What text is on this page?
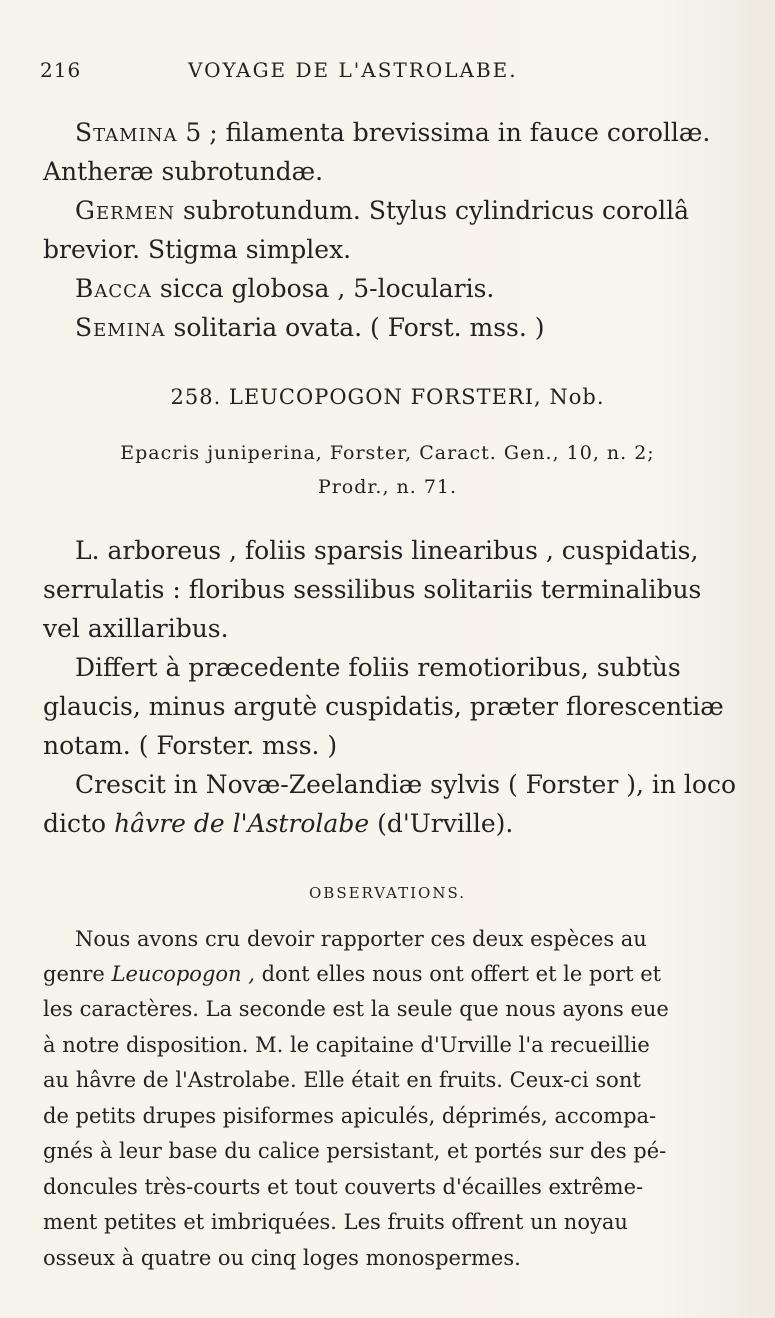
216	VOYAGE DE L'ASTROLABE.
Stamina 5 ; filamenta brevissima in fauce corollæ.
Antheræ subrotundæ.
Germen subrotundum. Stylus cylindricus corollâ
brevior. Stigma simplex.
Bacca sicca globosa , 5-locularis.
Semina solitaria ovata. ( Forst. mss. )
258. LEUCOPOGON FORSTERI, Nob.
Epacris juniperina, Forster, Caract. Gen., 10, n. 2;
Prodr., n. 71.
L. arboreus , foliis sparsis linearibus , cuspidatis,
serrulatis : floribus sessilibus solitariis terminalibus
vel axillaribus.
Differt à præcedente foliis remotioribus, subtùs
glaucis, minus argutè cuspidatis, præter florescentiæ
notam. ( Forster. mss. )
Crescit in Novæ-Zeelandiæ sylvis ( Forster ), in loco
dicto hâvre de l'Astrolabe (d'Urville).
OBSERVATIONS.
Nous avons cru devoir rapporter ces deux espèces au
genre Leucopogon , dont elles nous ont offert et le port et
les caractères. La seconde est la seule que nous ayons eue
à notre disposition. M. le capitaine d'Urville l'a recueillie
au hâvre de l'Astrolabe. Elle était en fruits. Ceux-ci sont
de petits drupes pisiformes apiculés, déprimés, accompa-
gnés à leur base du calice persistant, et portés sur des pé-
doncules très-courts et tout couverts d'écailles extrême-
ment petites et imbriquées. Les fruits offrent un noyau
osseux à quatre ou cinq loges monospermes.
